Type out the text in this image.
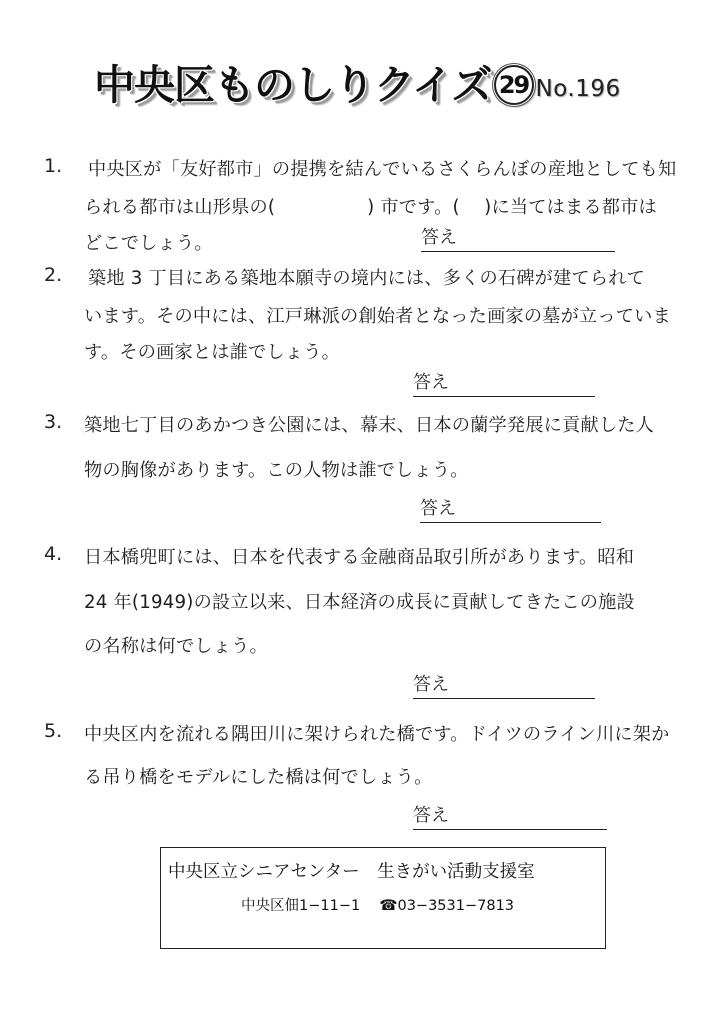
中央区ものしりクイズ 29 No.196
1. 中央区が「友好都市」の提携を結んでいるさくらんぼの産地としても知
られる都市は山形県の(　　　　　) 市です。(　 )に当てはまる都市は
どこでしょう。	答え
2. 築地 3 丁目にある築地本願寺の境内には、多くの石碑が建てられて
います。その中には、江戸琳派の創始者となった画家の墓が立っていま
す。その画家とは誰でしょう。
答え
3. 築地七丁目のあかつき公園には、幕末、日本の蘭学発展に貢献した人
物の胸像があります。この人物は誰でしょう。
答え
4. 日本橋兜町には、日本を代表する金融商品取引所があります。昭和
24 年(1949)の設立以来、日本経済の成長に貢献してきたこの施設
の名称は何でしょう。
答え
5. 中央区内を流れる隅田川に架けられた橋です。ドイツのライン川に架か
る吊り橋をモデルにした橋は何でしょう。
答え
中央区立シニアセンター　生きがい活動支援室
中央区佃1−11−1 ☎03−3531−7813
